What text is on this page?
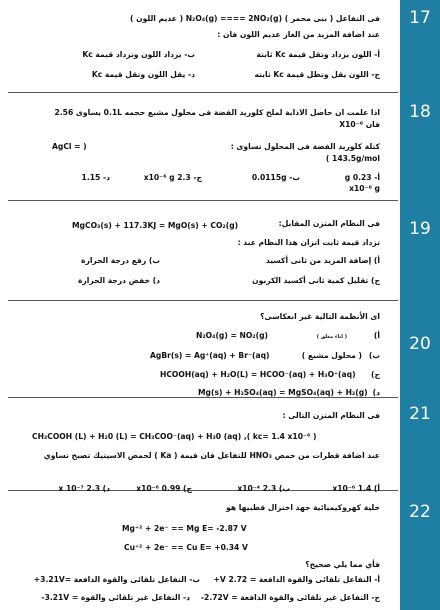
17
18
19
20
21
22
فى التفاعل ( بنى محمر ) N₂O₄(g) ==== 2NO₂(g) ( عديم اللون )
عند اضافة المزيد من الغاز عديم اللون فان :
أ- اللون يزداد وتقل قيمة Kc ثابتة
ب- يزداد اللون وتزداد قيمة Kc
ج- اللون يقل وتظل قيمة Kc ثابته
د- يقل اللون وتقل قيمة Kc
اذا علمت ان حاصل الاذابة لملح كلوريد الفضة فى محلول مشبع حجمه 0.1L يساوى 2.56
X10⁻⁶ فان
كتلة كلوريد الفضة فى المحلول تساوى :
AgCl = )
( 143.5g/mol
أ- 0.23 g
x10⁻⁶ g
ب- 0.0115g
ج- 2.3 x10⁻⁶ g
د- 1.15
فى النظام المتزن المقابل:
MgCO₃(s) + 117.3KJ = MgO(s) + CO₂(g)
تزداد قيمة ثابت اتزان هذا النظام عند :
أ) إضافة المزيد من ثانى أكسيد
ب) رفع درجة الحرارة
ج) تقليل كمية ثانى أكسيد الكربون
د) خفض درجة الحرارة
اى الأنظمة التالية غير انعكاسى؟
أ)
N₂O₄(g) = NO₂(g)	( اناء مغلق )
ب)
AgBr(s) = Ag⁺(aq) + Br⁻(aq)	( محلول مشبع )
ج)
HCOOH(aq) + H₂O(L) = HCOO⁻(aq) + H₃O⁺(aq)
د)
Mg(s) + H₂SO₄(aq) = MgSO₄(aq) + H₂(g)
فى النظام المتزن التالى :
CH₃COOH (L) + H₂0 (L) = CH₃COO⁻(aq) + H₃0 (aq) ,( kc= 1.4 x10⁻⁶ )
عند اضافة قطرات من حمض HNO₃ للتفاعل فان قيمة ( Ka ) لحمض الاسيتيك تصبح تساوي
أ) 1.4 x10⁻⁶
ب) 2.3 x10⁻⁴
ج) 0.99 x10⁻⁶
د) 2.3 x 10⁻⁷
خلية كهروكيميائية جهد اختزال قطبيها هو
Mg⁺² + 2e⁻ == Mg E= -2.87 V
Cu⁺² + 2e⁻ == Cu E= +0.34 V
فأي مما يلي صحيح؟
أ- التفاعل تلقائى والقوة الدافعة = 2.72 V+
ب- التفاعل تلقائى والقوة الدافعة =3.21V+
ج- التفاعل غير تلقائى والقوة الدافعة = 2.72V-
د- التفاعل غير تلقائى والقوة = 3.21V-
